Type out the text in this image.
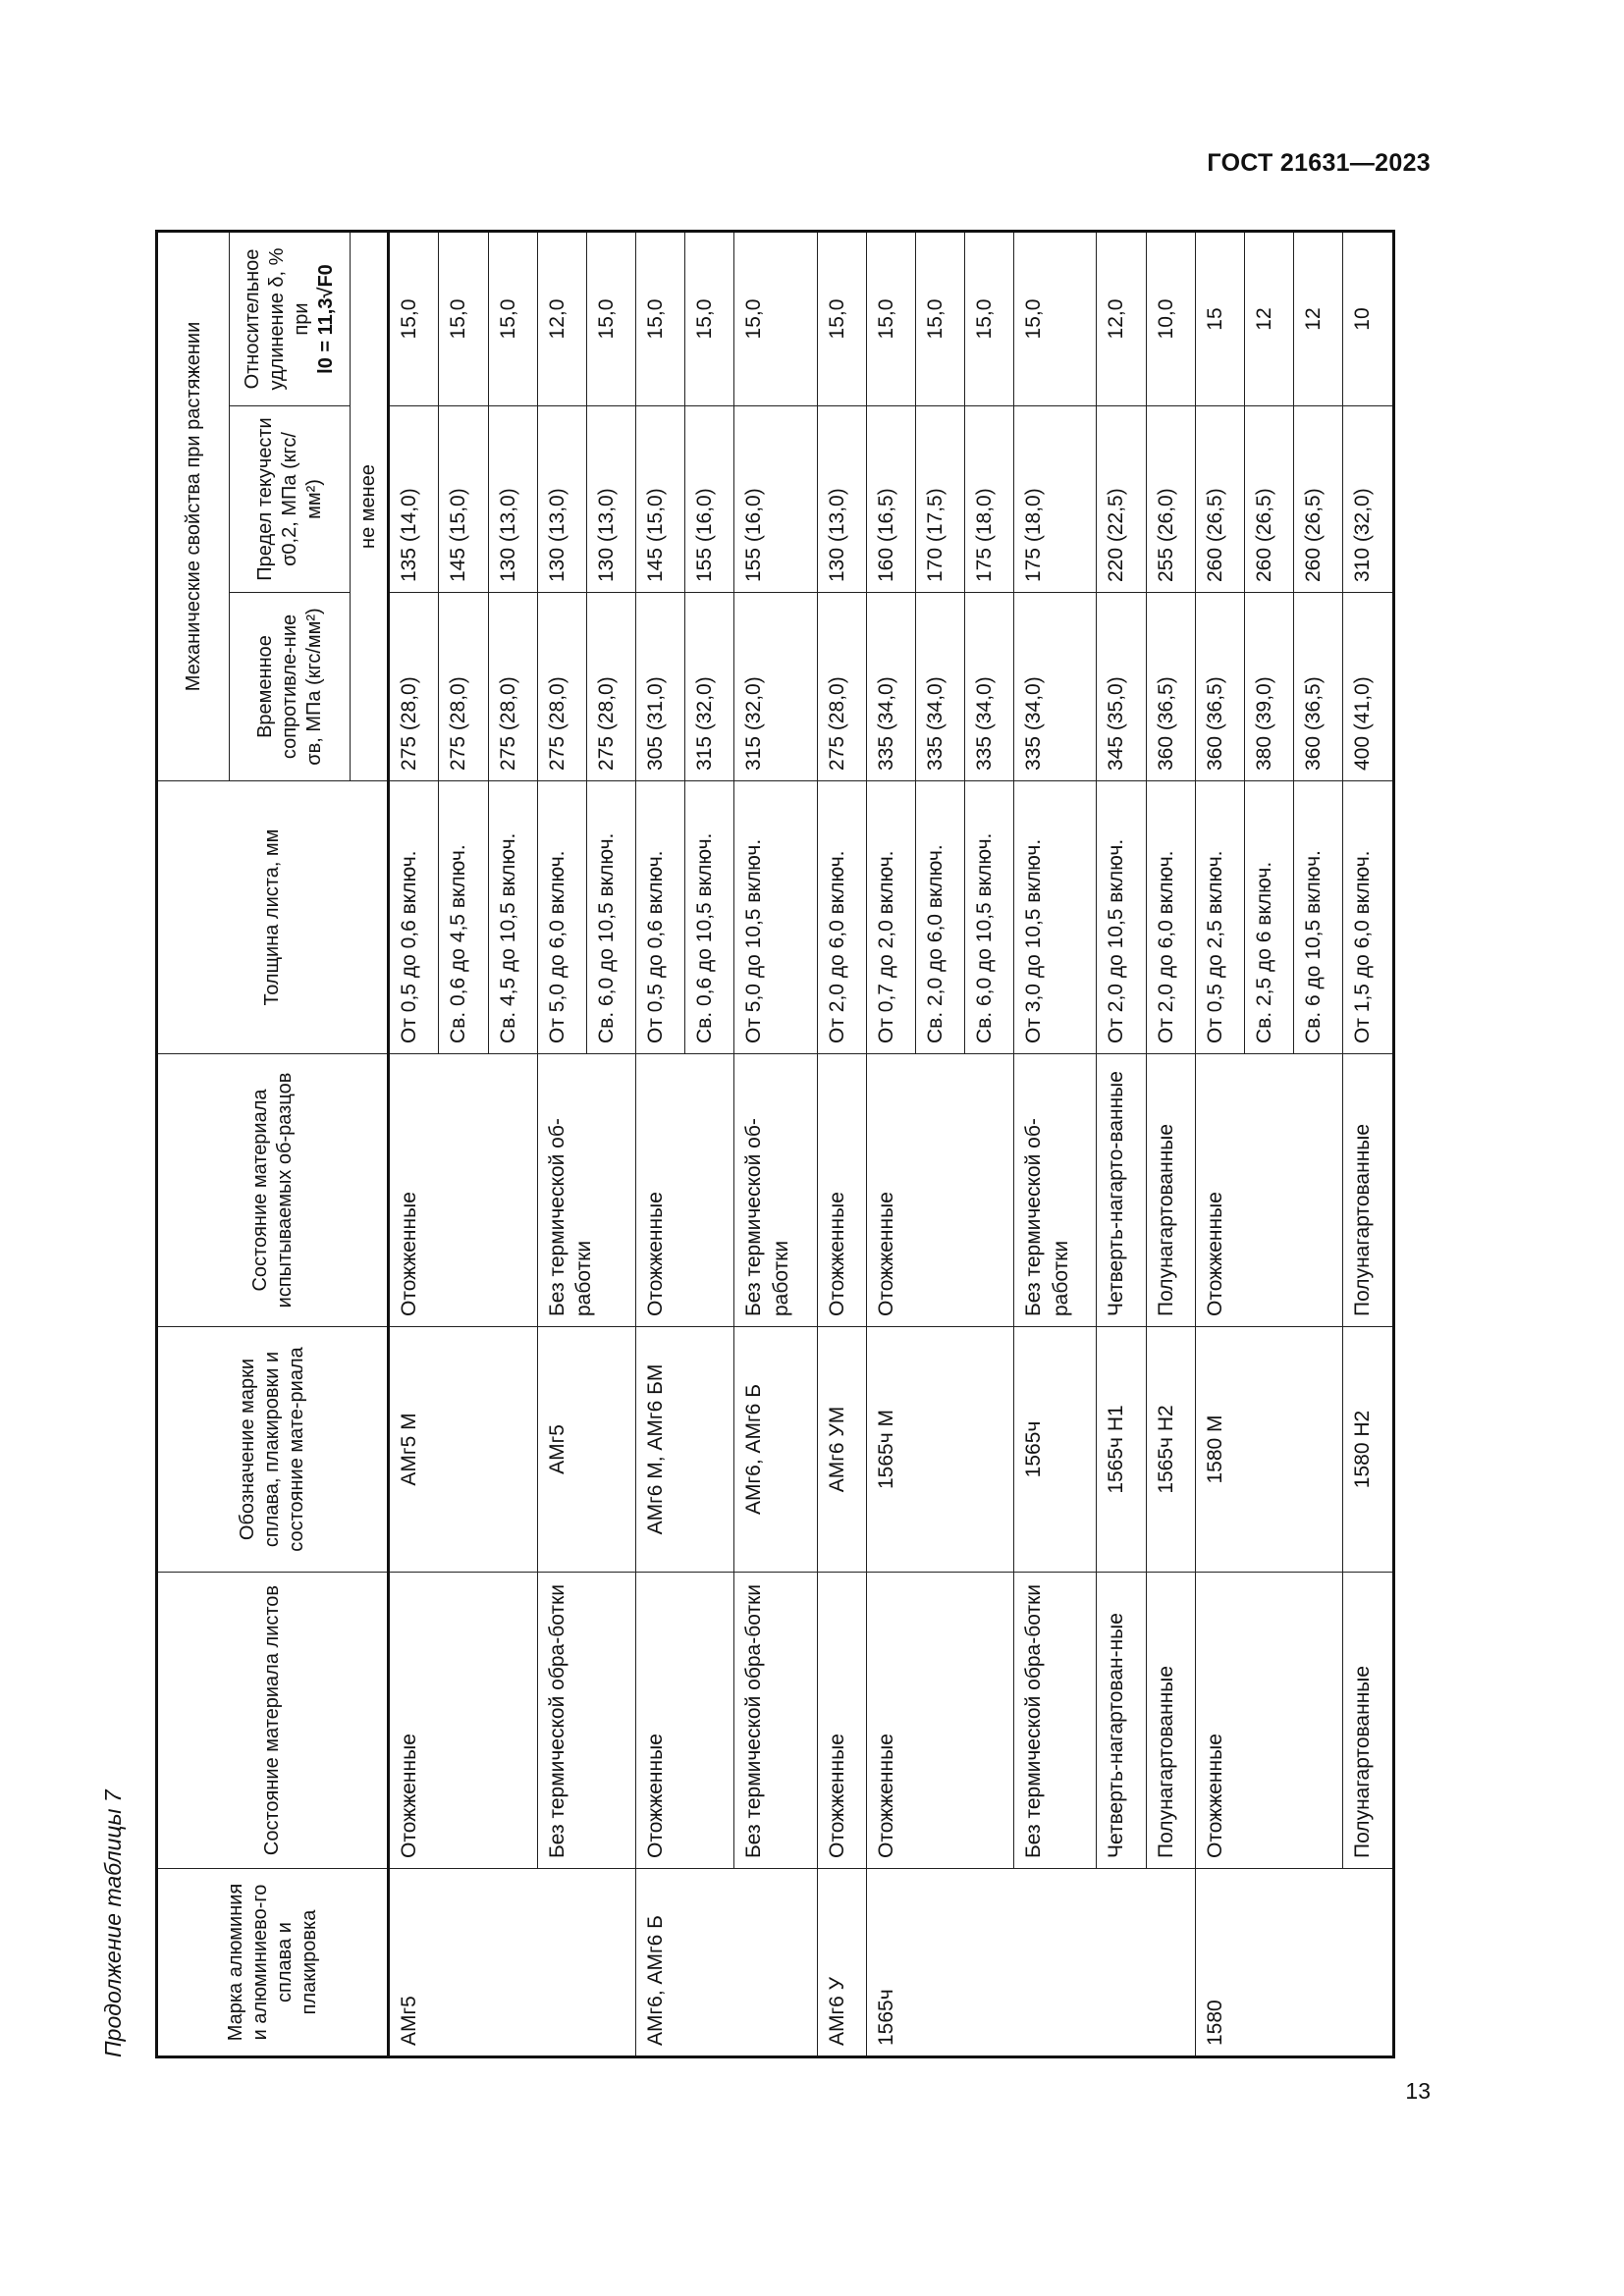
ГОСТ 21631—2023
Продолжение таблицы 7
13
Марка алюминия и алюминиево-го сплава и плакировка	Состояние материала листов	Обозначение марки сплава, плакировки и состояние мате-риала	Состояние материала испытываемых об-разцов	Толщина листа, мм	Механические свойства при растяжении		
					Временное сопротивле-ние σв, МПа (кгс/мм²)	Предел текучести σ0,2, МПа (кгс/мм²)	Относительное удлинение δ, % при l0 = 11,3√F0
					не менее		
АМг5	Отожженные	АМг5 М	Отожженные	От 0,5 до 0,6 включ.	275 (28,0)	135 (14,0)	15,0
				Св. 0,6 до 4,5 включ.	275 (28,0)	145 (15,0)	15,0
				Св. 4,5 до 10,5 включ.	275 (28,0)	130 (13,0)	15,0
	Без термической обра-ботки	АМг5	Без термической об-работки	От 5,0 до 6,0 включ.	275 (28,0)	130 (13,0)	12,0
				Св. 6,0 до 10,5 включ.	275 (28,0)	130 (13,0)	15,0
АМг6, АМг6 Б	Отожженные	АМг6 М, АМг6 БМ	Отожженные	От 0,5 до 0,6 включ.	305 (31,0)	145 (15,0)	15,0
				Св. 0,6 до 10,5 включ.	315 (32,0)	155 (16,0)	15,0
	Без термической обра-ботки	АМг6, АМг6 Б	Без термической об-работки	От 5,0 до 10,5 включ.	315 (32,0)	155 (16,0)	15,0
АМг6 У	Отожженные	АМг6 УМ	Отожженные	От 2,0 до 6,0 включ.	275 (28,0)	130 (13,0)	15,0
1565ч	Отожженные	1565ч М	Отожженные	От 0,7 до 2,0 включ.	335 (34,0)	160 (16,5)	15,0
				Св. 2,0 до 6,0 включ.	335 (34,0)	170 (17,5)	15,0
				Св. 6,0 до 10,5 включ.	335 (34,0)	175 (18,0)	15,0
	Без термической обра-ботки	1565ч	Без термической об-работки	От 3,0 до 10,5 включ.	335 (34,0)	175 (18,0)	15,0
	Четверть-нагартован-ные	1565ч Н1	Четверть-нагарто-ванные	От 2,0 до 10,5 включ.	345 (35,0)	220 (22,5)	12,0
	Полунагартованные	1565ч Н2	Полунагартованные	От 2,0 до 6,0 включ.	360 (36,5)	255 (26,0)	10,0
1580	Отожженные	1580 М	Отожженные	От 0,5 до 2,5 включ.	360 (36,5)	260 (26,5)	15
				Св. 2,5 до 6 включ.	380 (39,0)	260 (26,5)	12
				Св. 6 до 10,5 включ.	360 (36,5)	260 (26,5)	12
	Полунагартованные	1580 Н2	Полунагартованные	От 1,5 до 6,0 включ.	400 (41,0)	310 (32,0)	10
